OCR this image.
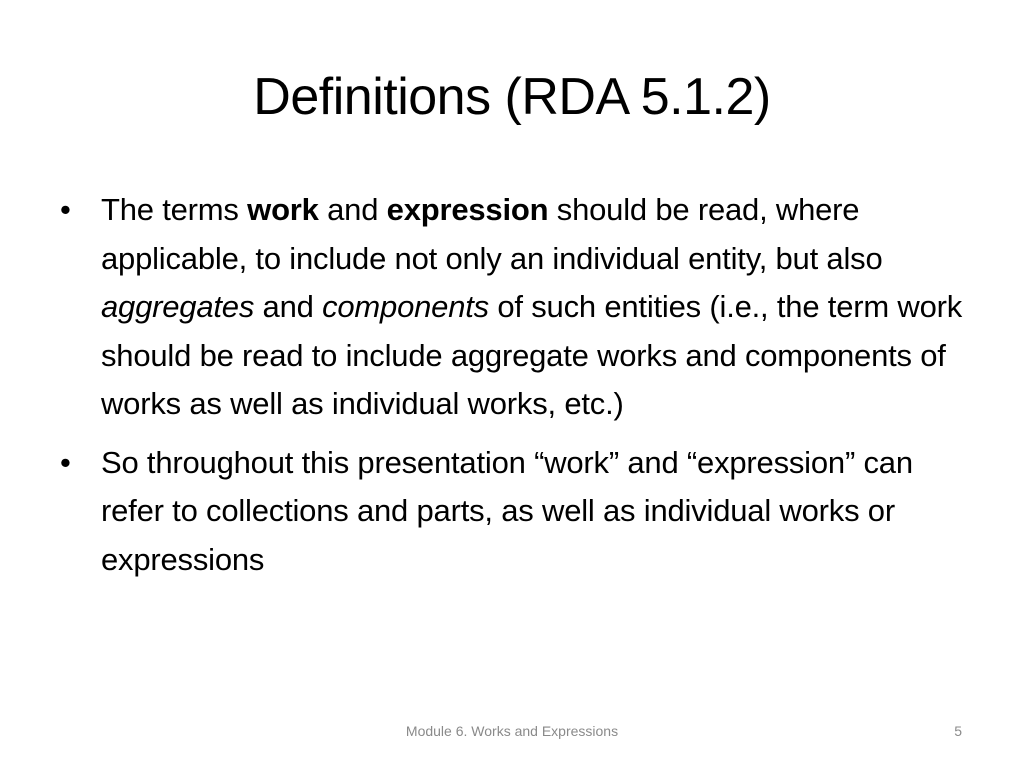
Definitions (RDA 5.1.2)
• The terms work and expression should be read, where applicable, to include not only an individual entity, but also aggregates and components of such entities (i.e., the term work should be read to include aggregate works and components of works as well as individual works, etc.)
• So throughout this presentation “work” and “expression” can refer to collections and parts, as well as individual works or expressions
Module 6. Works and Expressions	5
